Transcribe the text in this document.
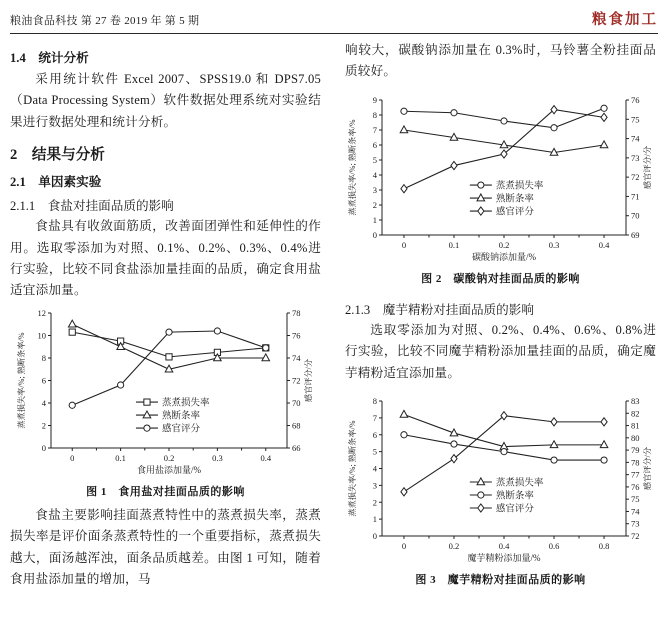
粮油食品科技 第 27 卷 2019 年 第 5 期	粮食加工
1.4　统计分析

采用统计软件 Excel 2007、SPSS19.0 和 DPS7.05（Data Processing System）软件数据处理系统对实验结果进行数据处理和统计分析。

2　结果与分析
2.1　单因素实验
2.1.1　食盐对挂面品质的影响

食盐具有收敛面筋质，改善面团弹性和延伸性的作用。选取零添加为对照、0.1%、0.2%、0.3%、0.4%进行实验，比较不同食盐添加量挂面的品质，确定食用盐适宜添加量。

0
2
4
6
8
10
12
66
68
70
72
74
76
78
0	0.1	0.2	0.3	0.4
食用盐添加量/%
蒸煮损失率/%; 熟断条率/%	感官评分/分
蒸煮损失率
熟断条率
感官评分
图 1　食用盐对挂面品质的影响

食盐主要影响挂面蒸煮特性中的蒸煮损失率，蒸煮损失率是评价面条蒸煮特性的一个重要指标，蒸煮损失越大，面汤越浑浊，面条品质越差。由图 1 可知，随着食用盐添加量的增加，马

响较大，碳酸钠添加量在 0.3%时，马铃薯全粉挂面品质较好。

0
1
2
3
4
5
6
7
8
9
69
70
71
72
73
74
75
76
0	0.1	0.2	0.3	0.4
碳酸钠添加量/%
蒸煮损失率/%; 熟断条率/%	感官评分/分
蒸煮损失率
熟断条率
感官评分
图 2　碳酸钠对挂面品质的影响
2.1.3　魔芋精粉对挂面品质的影响

选取零添加为对照、0.2%、0.4%、0.6%、0.8%进行实验，比较不同魔芋精粉添加量挂面的品质，确定魔芋精粉适宜添加量。

0
1
2
3
4
5
6
7
8
72
73
74
75
76
77
78
79
80
81
82
83
0	0.2	0.4	0.6	0.8
魔芋精粉添加量/%
蒸煮损失率/%; 熟断条率/%	感官评分/分
蒸煮损失率
熟断条率
感官评分
图 3　魔芋精粉对挂面品质的影响
